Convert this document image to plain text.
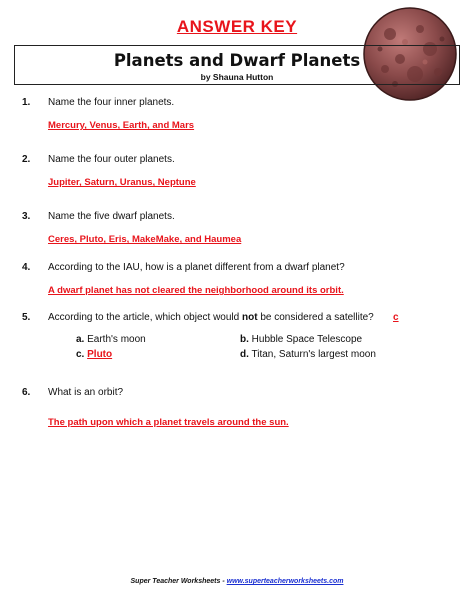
ANSWER KEY
Planets and Dwarf Planets
by Shauna Hutton
1. Name the four inner planets.
Mercury, Venus, Earth, and Mars
2. Name the four outer planets.
Jupiter, Saturn, Uranus, Neptune
3. Name the five dwarf planets.
Ceres, Pluto, Eris, MakeMake, and Haumea
4. According to the IAU, how is a planet different from a dwarf planet?
A dwarf planet has not cleared the neighborhood around its orbit.
5. According to the article, which object would not be considered a satellite? c
a. Earth's moon	b. Hubble Space Telescope
c. Pluto	d. Titan, Saturn's largest moon
6. What is an orbit?
The path upon which a planet travels around the sun.
Super Teacher Worksheets - www.superteacherworksheets.com
